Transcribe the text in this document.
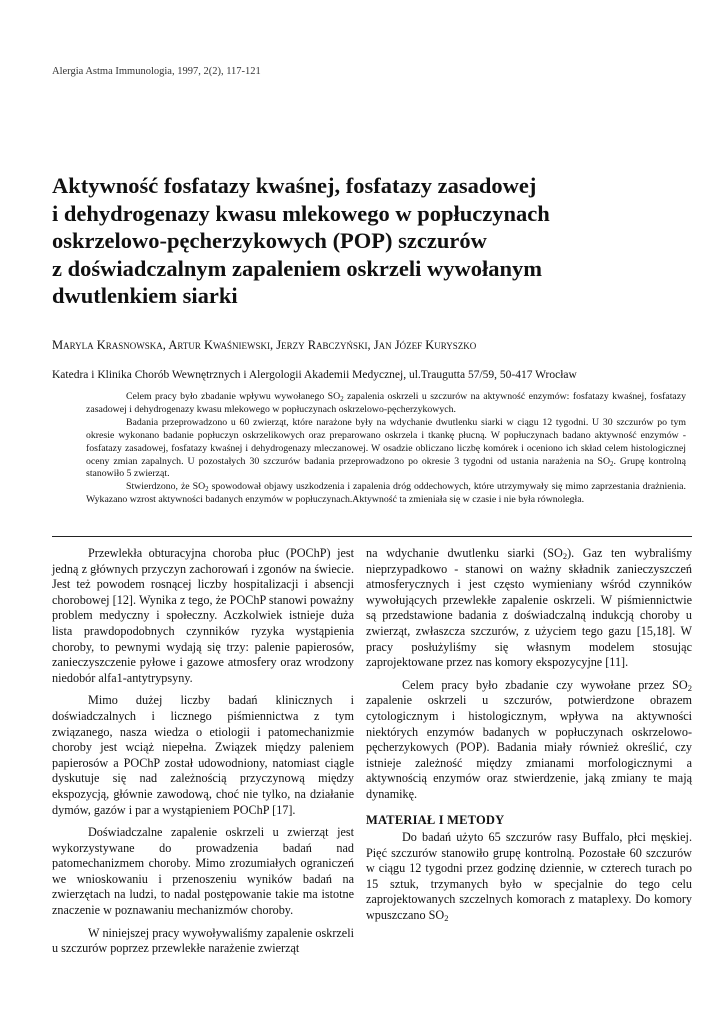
Alergia Astma Immunologia, 1997, 2(2), 117-121
Aktywność fosfatazy kwaśnej, fosfatazy zasadowej
i dehydrogenazy kwasu mlekowego w popłuczynach
oskrzelowo-pęcherzykowych (POP) szczurów
z doświadczalnym zapaleniem oskrzeli wywołanym
dwutlenkiem siarki
Maryla Krasnowska, Artur Kwaśniewski, Jerzy Rabczyński, Jan Józef Kuryszko
Katedra i Klinika Chorób Wewnętrznych i Alergologii Akademii Medycznej, ul.Traugutta 57/59, 50-417 Wrocław

Celem pracy było zbadanie wpływu wywołanego $SO_2$ zapalenia oskrzeli u szczurów na aktywność enzymów: fosfatazy kwaśnej, fosfatazy zasadowej i dehydrogenazy kwasu mlekowego w popłuczynach oskrzelowo-pęcherzykowych.

Badania przeprowadzono u 60 zwierząt, które narażone były na wdychanie dwutlenku siarki w ciągu 12 tygodni. U 30 szczurów po tym okresie wykonano badanie popłuczyn oskrzelikowych oraz preparowano oskrzela i tkankę płucną. W popłuczynach badano aktywność enzymów - fosfatazy zasadowej, fosfatazy kwaśnej i dehydrogenazy mleczanowej. W osadzie obliczano liczbę komórek i oceniono ich skład celem histologicznej oceny zmian zapalnych. U pozostałych 30 szczurów badania przeprowadzono po okresie 3 tygodni od ustania narażenia na $SO_2$. Grupę kontrolną stanowiło 5 zwierząt.

Stwierdzono, że $SO_2$ spowodował objawy uszkodzenia i zapalenia dróg oddechowych, które utrzymywały się mimo zaprzestania drażnienia. Wykazano wzrost aktywności badanych enzymów w popłuczynach.Aktywność ta zmieniała się w czasie i nie była równoległa.

Przewlekła obturacyjna choroba płuc (POChP) jest jedną z głównych przyczyn zachorowań i zgonów na świecie. Jest też powodem rosnącej liczby hospitalizacji i absencji chorobowej [12]. Wynika z tego, że POChP stanowi poważny problem medyczny i społeczny. Aczkolwiek istnieje duża lista prawdopodobnych czynników ryzyka wystąpienia choroby, to pewnymi wydają się trzy: palenie papierosów, zanieczyszczenie pyłowe i gazowe atmosfery oraz wrodzony niedobór alfa1-antytrypsyny.

Mimo dużej liczby badań klinicznych i doświadczalnych i licznego piśmiennictwa z tym związanego, nasza wiedza o etiologii i patomechanizmie choroby jest wciąż niepełna. Związek między paleniem papierosów a POChP został udowodniony, natomiast ciągle dyskutuje się nad zależnością przyczynową między ekspozycją, głównie zawodową, choć nie tylko, na działanie dymów, gazów i par a wystąpieniem POChP [17].

Doświadczalne zapalenie oskrzeli u zwierząt jest wykorzystywane do prowadzenia badań nad patomechanizmem choroby. Mimo zrozumiałych ograniczeń we wnioskowaniu i przenoszeniu wyników badań na zwierzętach na ludzi, to nadal postępowanie takie ma istotne znaczenie w poznawaniu mechanizmów choroby.

W niniejszej pracy wywoływaliśmy zapalenie oskrzeli u szczurów poprzez przewlekłe narażenie zwierząt

na wdychanie dwutlenku siarki $(SO_2)$. Gaz ten wybraliśmy nieprzypadkowo - stanowi on ważny składnik zanieczyszczeń atmosferycznych i jest często wymieniany wśród czynników wywołujących przewlekłe zapalenie oskrzeli. W piśmiennictwie są przedstawione badania z doświadczalną indukcją choroby u zwierząt, zwłaszcza szczurów, z użyciem tego gazu [15,18]. W pracy posłużyliśmy się własnym modelem stosując zaprojektowane przez nas komory ekspozycyjne [11].

Celem pracy było zbadanie czy wywołane przez $SO_2$ zapalenie oskrzeli u szczurów, potwierdzone obrazem cytologicznym i histologicznym, wpływa na aktywności niektórych enzymów badanych w popłuczynach oskrzelowo-pęcherzykowych (POP). Badania miały również określić, czy istnieje zależność między zmianami morfologicznymi a aktywnością enzymów oraz stwierdzenie, jaką zmiany te mają dynamikę.

MATERIAŁ I METODY

Do badań użyto 65 szczurów rasy Buffalo, płci męskiej. Pięć szczurów stanowiło grupę kontrolną. Pozostałe 60 szczurów w ciągu 12 tygodni przez godzinę dziennie, w czterech turach po 15 sztuk, trzymanych było w specjalnie do tego celu zaprojektowanych szczelnych komorach z mataplexy. Do komory wpuszczano $SO_2$
